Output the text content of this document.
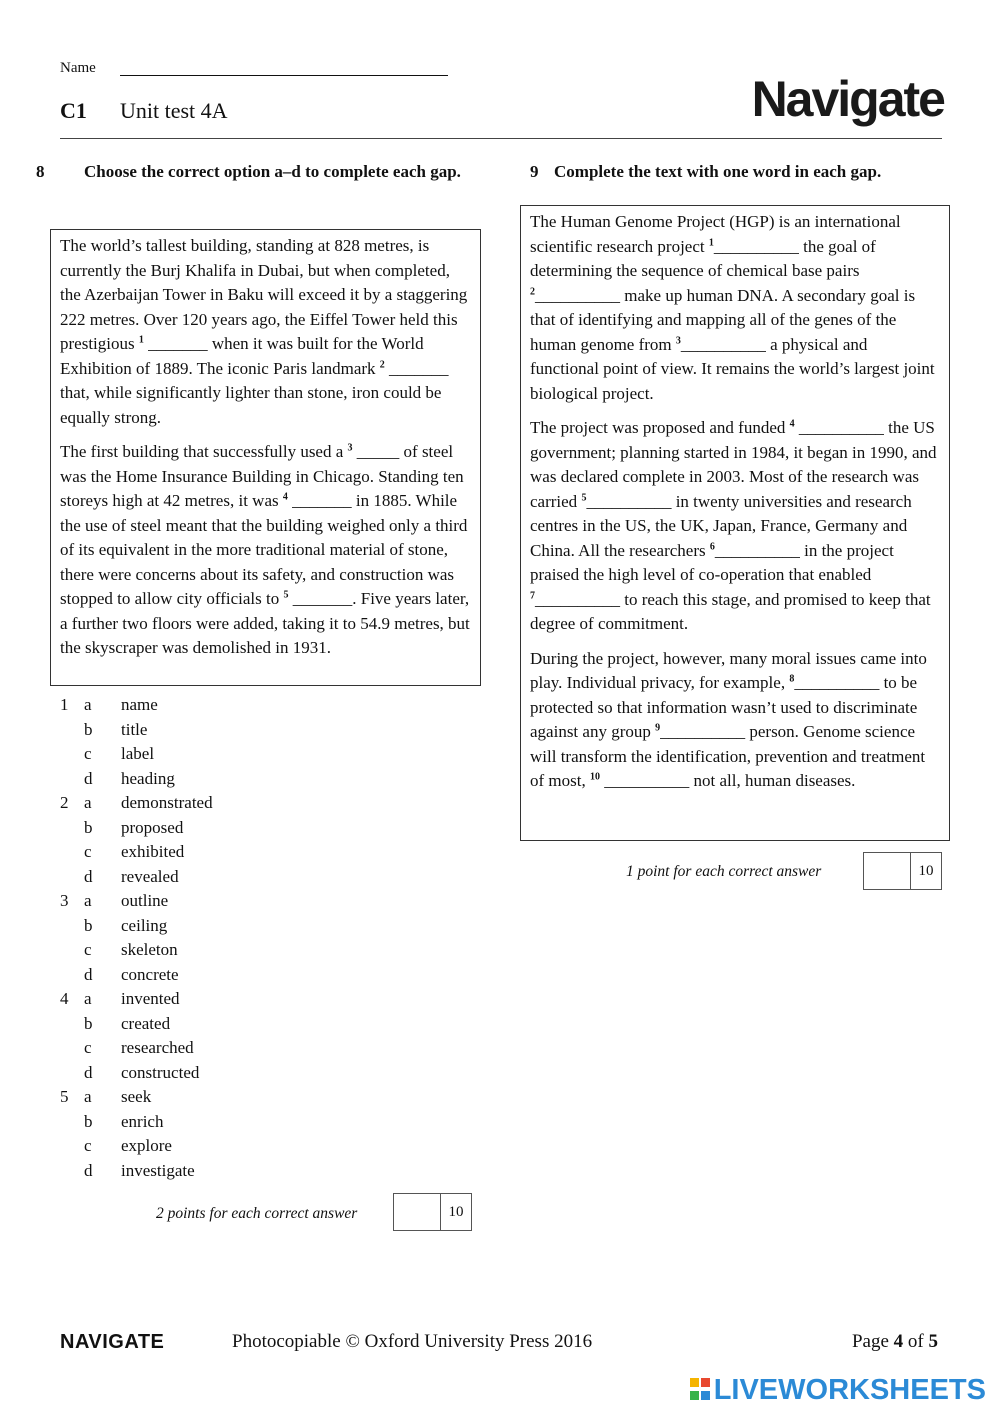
Name
C1 Unit test 4A	Navigate
8 Choose the correct option a–d to complete each gap.

The world’s tallest building, standing at 828 metres, is currently the Burj Khalifa in Dubai, but when completed, the Azerbaijan Tower in Baku will exceed it by a staggering 222 metres. Over 120 years ago, the Eiffel Tower held this prestigious $^1$ _______ when it was built for the World Exhibition of 1889. The iconic Paris landmark $^2$ _______ that, while significantly lighter than stone, iron could be equally strong.

The first building that successfully used a $^3$ _____ of steel was the Home Insurance Building in Chicago. Standing ten storeys high at 42 metres, it was $^4$ _______ in 1885. While the use of steel meant that the building weighed only a third of its equivalent in the more traditional material of stone, there were concerns about its safety, and construction was stopped to allow city officials to $^5$ _______. Five years later, a further two floors were added, taking it to 54.9 metres, but the skyscraper was demolished in 1931.

1 a	name
b	title
c	label
d	heading
2 a	demonstrated
b	proposed
c	exhibited
d	revealed
3 a	outline
b	ceiling
c	skeleton
d	concrete
4 a	invented
b	created
c	researched
d	constructed
5 a	seek
b	enrich
c	explore
d	investigate
2 points for each correct answer	10
9 Complete the text with one word in each gap.

The Human Genome Project (HGP) is an international scientific research project $^1$__________ the goal of determining the sequence of chemical base pairs $^2$__________ make up human DNA. A secondary goal is that of identifying and mapping all of the genes of the human genome from $^3$__________ a physical and functional point of view. It remains the world’s largest joint biological project.

The project was proposed and funded $^4$ __________ the US government; planning started in 1984, it began in 1990, and was declared complete in 2003. Most of the research was carried $^5$__________ in twenty universities and research centres in the US, the UK, Japan, France, Germany and China. All the researchers $^6$__________ in the project praised the high level of co-operation that enabled $^7$__________ to reach this stage, and promised to keep that degree of commitment.

During the project, however, many moral issues came into play. Individual privacy, for example, $^8$__________ to be protected so that information wasn’t used to discriminate against any group $^9$__________ person. Genome science will transform the identification, prevention and treatment of most, $^{10}$ __________ not all, human diseases.

1 point for each correct answer	10
NAVIGATE	Photocopiable © Oxford University Press 2016	Page 4 of 5
LIVEWORKSHEETS
